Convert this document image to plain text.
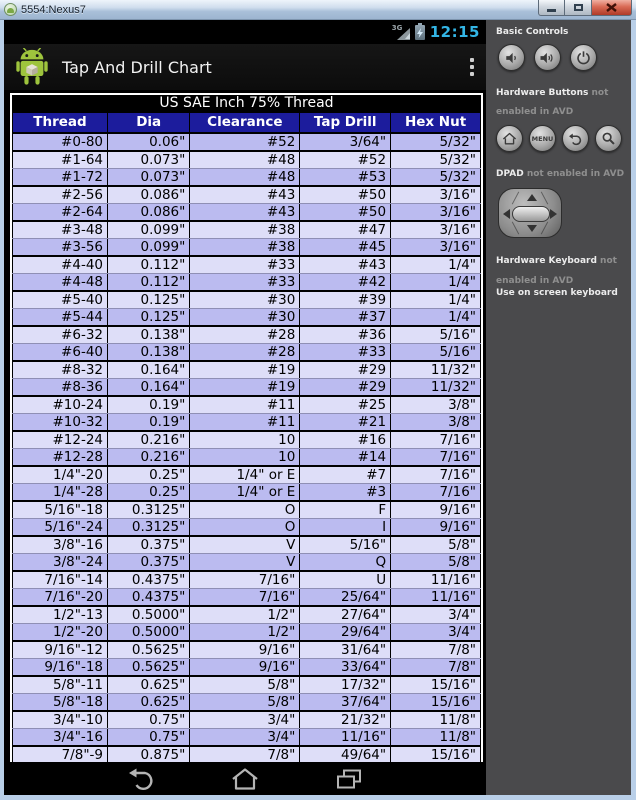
5554:Nexus7
3G 12:15
Tap And Drill Chart
US SAE Inch 75% Thread
Thread	Dia	Clearance	Tap Drill	Hex Nut
#0-80	0.06"	#52	3/64"	5/32"
#1-64	0.073"	#48	#52	5/32"
#1-72	0.073"	#48	#53	5/32"
#2-56	0.086"	#43	#50	3/16"
#2-64	0.086"	#43	#50	3/16"
#3-48	0.099"	#38	#47	3/16"
#3-56	0.099"	#38	#45	3/16"
#4-40	0.112"	#33	#43	1/4"
#4-48	0.112"	#33	#42	1/4"
#5-40	0.125"	#30	#39	1/4"
#5-44	0.125"	#30	#37	1/4"
#6-32	0.138"	#28	#36	5/16"
#6-40	0.138"	#28	#33	5/16"
#8-32	0.164"	#19	#29	11/32"
#8-36	0.164"	#19	#29	11/32"
#10-24	0.19"	#11	#25	3/8"
#10-32	0.19"	#11	#21	3/8"
#12-24	0.216"	10	#16	7/16"
#12-28	0.216"	10	#14	7/16"
1/4"-20	0.25"	1/4" or E	#7	7/16"
1/4"-28	0.25"	1/4" or E	#3	7/16"
5/16"-18	0.3125"	O	F	9/16"
5/16"-24	0.3125"	O	I	9/16"
3/8"-16	0.375"	V	5/16"	5/8"
3/8"-24	0.375"	V	Q	5/8"
7/16"-14	0.4375"	7/16"	U	11/16"
7/16"-20	0.4375"	7/16"	25/64"	11/16"
1/2"-13	0.5000"	1/2"	27/64"	3/4"
1/2"-20	0.5000"	1/2"	29/64"	3/4"
9/16"-12	0.5625"	9/16"	31/64"	7/8"
9/16"-18	0.5625"	9/16"	33/64"	7/8"
5/8"-11	0.625"	5/8"	17/32"	15/16"
5/8"-18	0.625"	5/8"	37/64"	15/16"
3/4"-10	0.75"	3/4"	21/32"	11/8"
3/4"-16	0.75"	3/4"	11/16"	11/8"
7/8"-9	0.875"	7/8"	49/64"	15/16"
Basic Controls
Hardware Buttons not enabled in AVD
MENU
DPAD not enabled in AVD
Hardware Keyboard not enabled in AVD
Use on screen keyboard
